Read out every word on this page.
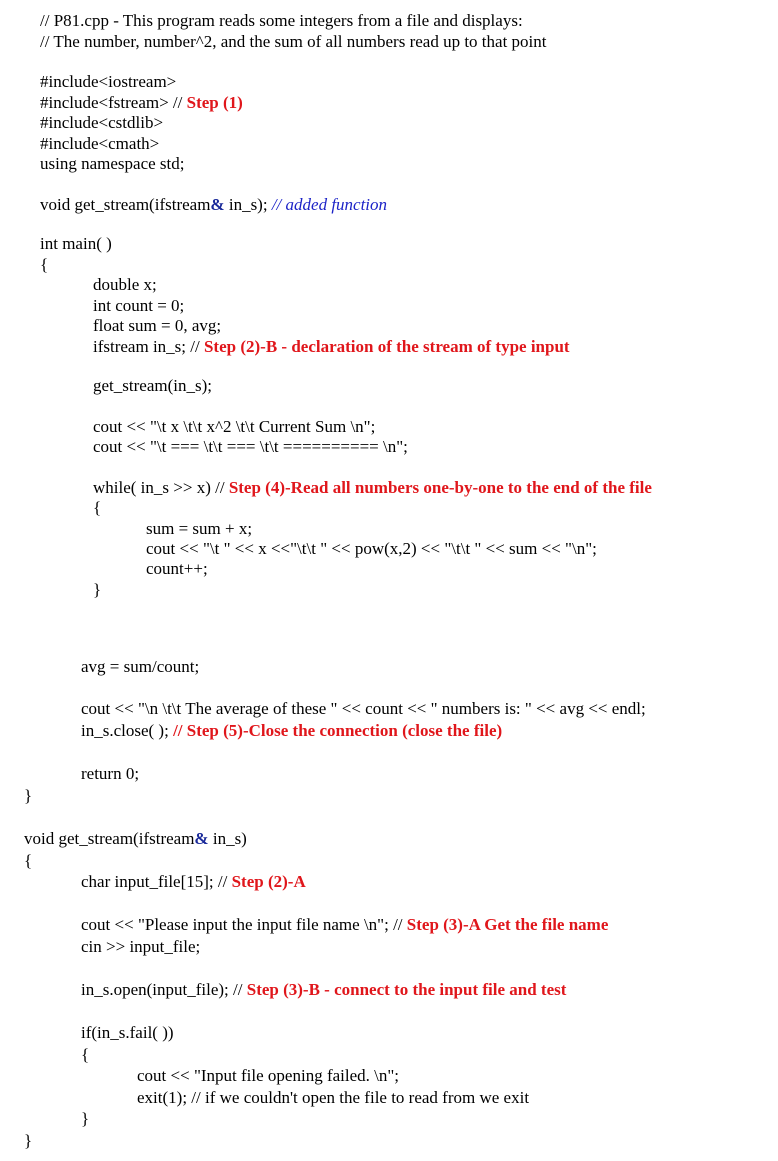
// P81.cpp - This program reads some integers from a file and displays:
// The number, number^2, and the sum of all numbers read up to that point
#include<iostream>
#include<fstream> // Step (1)
#include<cstdlib>
#include<cmath>
using namespace std;
void get_stream(ifstream& in_s); // added function
int main( )
{
double x;
int count = 0;
float sum = 0, avg;
ifstream in_s; // Step (2)-B - declaration of the stream of type input
get_stream(in_s);
cout << "\t x \t\t x^2 \t\t Current Sum \n";
cout << "\t === \t\t === \t\t ========== \n";
while( in_s >> x) // Step (4)-Read all numbers one-by-one to the end of the file
{
sum = sum + x;
cout << "\t " << x <<"\t\t " << pow(x,2) << "\t\t " << sum << "\n";
count++;
}
avg = sum/count;
cout << "\n \t\t The average of these " << count << " numbers is: " << avg << endl;
in_s.close( ); // Step (5)-Close the connection (close the file)
return 0;
}
void get_stream(ifstream& in_s)
{
char input_file[15]; // Step (2)-A
cout << "Please input the input file name \n"; // Step (3)-A Get the file name
cin >> input_file;
in_s.open(input_file); // Step (3)-B - connect to the input file and test
if(in_s.fail( ))
{
cout << "Input file opening failed. \n";
exit(1); // if we couldn't open the file to read from we exit
}
}
